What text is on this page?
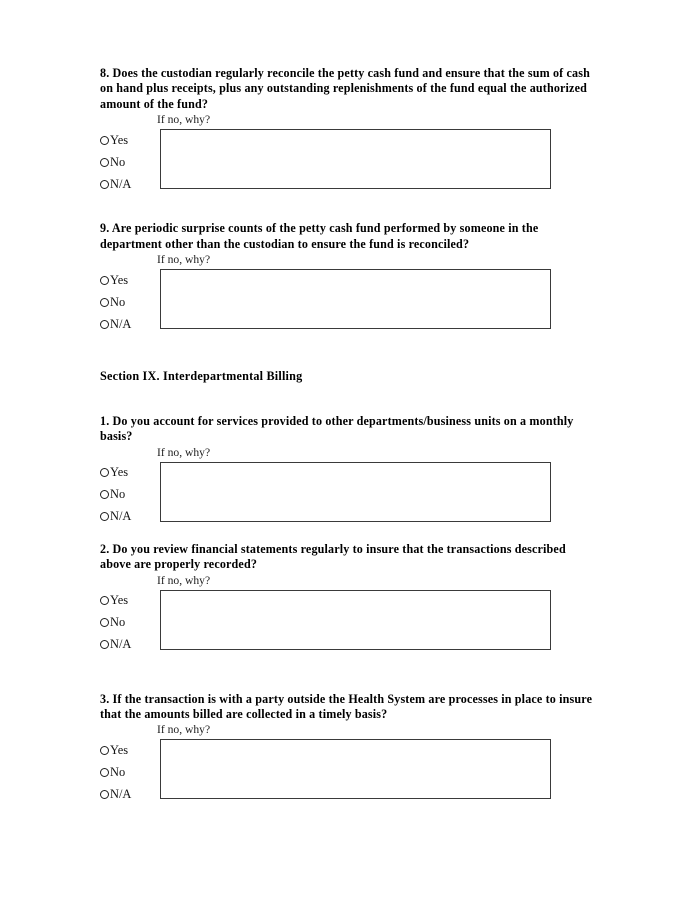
8. Does the custodian regularly reconcile the petty cash fund and ensure that the sum of cash on hand plus receipts, plus any outstanding replenishments of the fund equal the authorized amount of the fund?

If no, why?

Yes
No
N/A

9. Are periodic surprise counts of the petty cash fund performed by someone in the department other than the custodian to ensure the fund is reconciled?

If no, why?

Yes
No
N/A

Section IX. Interdepartmental Billing

1. Do you account for services provided to other departments/business units on a monthly basis?

If no, why?

Yes
No
N/A

2. Do you review financial statements regularly to insure that the transactions described above are properly recorded?

If no, why?

Yes
No
N/A

3. If the transaction is with a party outside the Health System are processes in place to insure that the amounts billed are collected in a timely basis?

If no, why?

Yes
No
N/A
